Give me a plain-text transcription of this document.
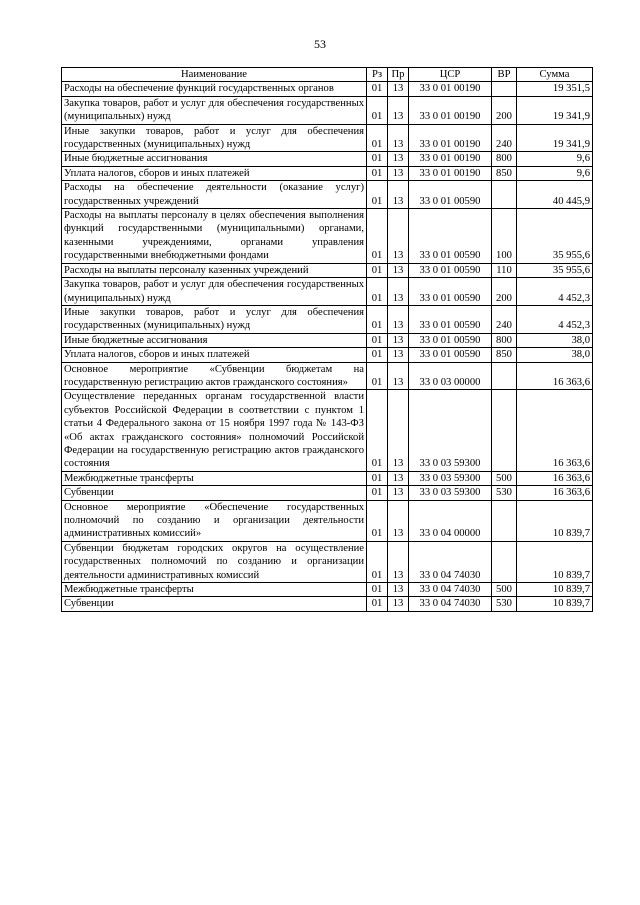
53
Наименование	Рз	Пр	ЦСР	ВР	Сумма
Расходы на обеспечение функций государственных органов	01	13	33 0 01 00190		19 351,5
Закупка товаров, работ и услуг для обеспечения государственных (муниципальных) нужд	01	13	33 0 01 00190	200	19 341,9
Иные закупки товаров, работ и услуг для обеспечения государственных (муниципальных) нужд	01	13	33 0 01 00190	240	19 341,9
Иные бюджетные ассигнования	01	13	33 0 01 00190	800	9,6
Уплата налогов, сборов и иных платежей	01	13	33 0 01 00190	850	9,6
Расходы на обеспечение деятельности (оказание услуг) государственных учреждений	01	13	33 0 01 00590		40 445,9
Расходы на выплаты персоналу в целях обеспечения выполнения функций государственными (муниципальными) органами, казенными учреждениями, органами управления государственными внебюджетными фондами	01	13	33 0 01 00590	100	35 955,6
Расходы на выплаты персоналу казенных учреждений	01	13	33 0 01 00590	110	35 955,6
Закупка товаров, работ и услуг для обеспечения государственных (муниципальных) нужд	01	13	33 0 01 00590	200	4 452,3
Иные закупки товаров, работ и услуг для обеспечения государственных (муниципальных) нужд	01	13	33 0 01 00590	240	4 452,3
Иные бюджетные ассигнования	01	13	33 0 01 00590	800	38,0
Уплата налогов, сборов и иных платежей	01	13	33 0 01 00590	850	38,0
Основное мероприятие «Субвенции бюджетам на государственную регистрацию актов гражданского состояния»	01	13	33 0 03 00000		16 363,6
Осуществление переданных органам государственной власти субъектов Российской Федерации в соответствии с пунктом 1 статьи 4 Федерального закона от 15 ноября 1997 года № 143-ФЗ «Об актах гражданского состояния» полномочий Российской Федерации на государственную регистрацию актов гражданского состояния	01	13	33 0 03 59300		16 363,6
Межбюджетные трансферты	01	13	33 0 03 59300	500	16 363,6
Субвенции	01	13	33 0 03 59300	530	16 363,6
Основное мероприятие «Обеспечение государственных полномочий по созданию и организации деятельности административных комиссий»	01	13	33 0 04 00000		10 839,7
Субвенции бюджетам городских округов на осуществление государственных полномочий по созданию и организации деятельности административных комиссий	01	13	33 0 04 74030		10 839,7
Межбюджетные трансферты	01	13	33 0 04 74030	500	10 839,7
Субвенции	01	13	33 0 04 74030	530	10 839,7
